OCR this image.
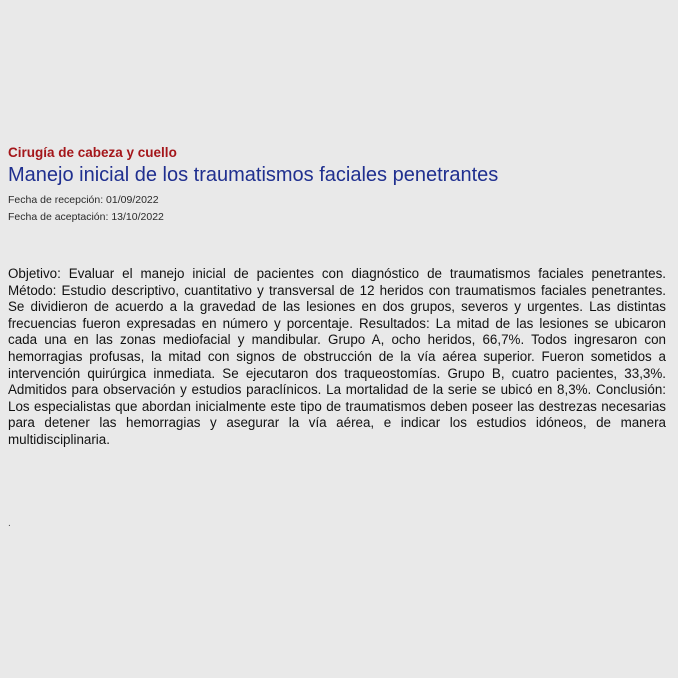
Cirugía de cabeza y cuello

Manejo inicial de los traumatismos faciales penetrantes

Fecha de recepción: 01/09/2022

Fecha de aceptación: 13/10/2022

Objetivo: Evaluar el manejo inicial de pacientes con diagnóstico de traumatismos faciales penetrantes. Método: Estudio descriptivo, cuantitativo y transversal de 12 heridos con traumatismos faciales penetrantes. Se dividieron de acuerdo a la gravedad de las lesiones en dos grupos, severos y urgentes. Las distintas frecuencias fueron expresadas en número y porcentaje. Resultados: La mitad de las lesiones se ubicaron cada una en las zonas mediofacial y mandibular. Grupo A, ocho heridos, 66,7%. Todos ingresaron con hemorragias profusas, la mitad con signos de obstrucción de la vía aérea superior. Fueron sometidos a intervención quirúrgica inmediata. Se ejecutaron dos traqueostomías. Grupo B, cuatro pacientes, 33,3%. Admitidos para observación y estudios paraclínicos. La mortalidad de la serie se ubicó en 8,3%. Conclusión: Los especialistas que abordan inicialmente este tipo de traumatismos deben poseer las destrezas necesarias para detener las hemorragias y asegurar la vía aérea, e indicar los estudios idóneos, de manera multidisciplinaria.
.
